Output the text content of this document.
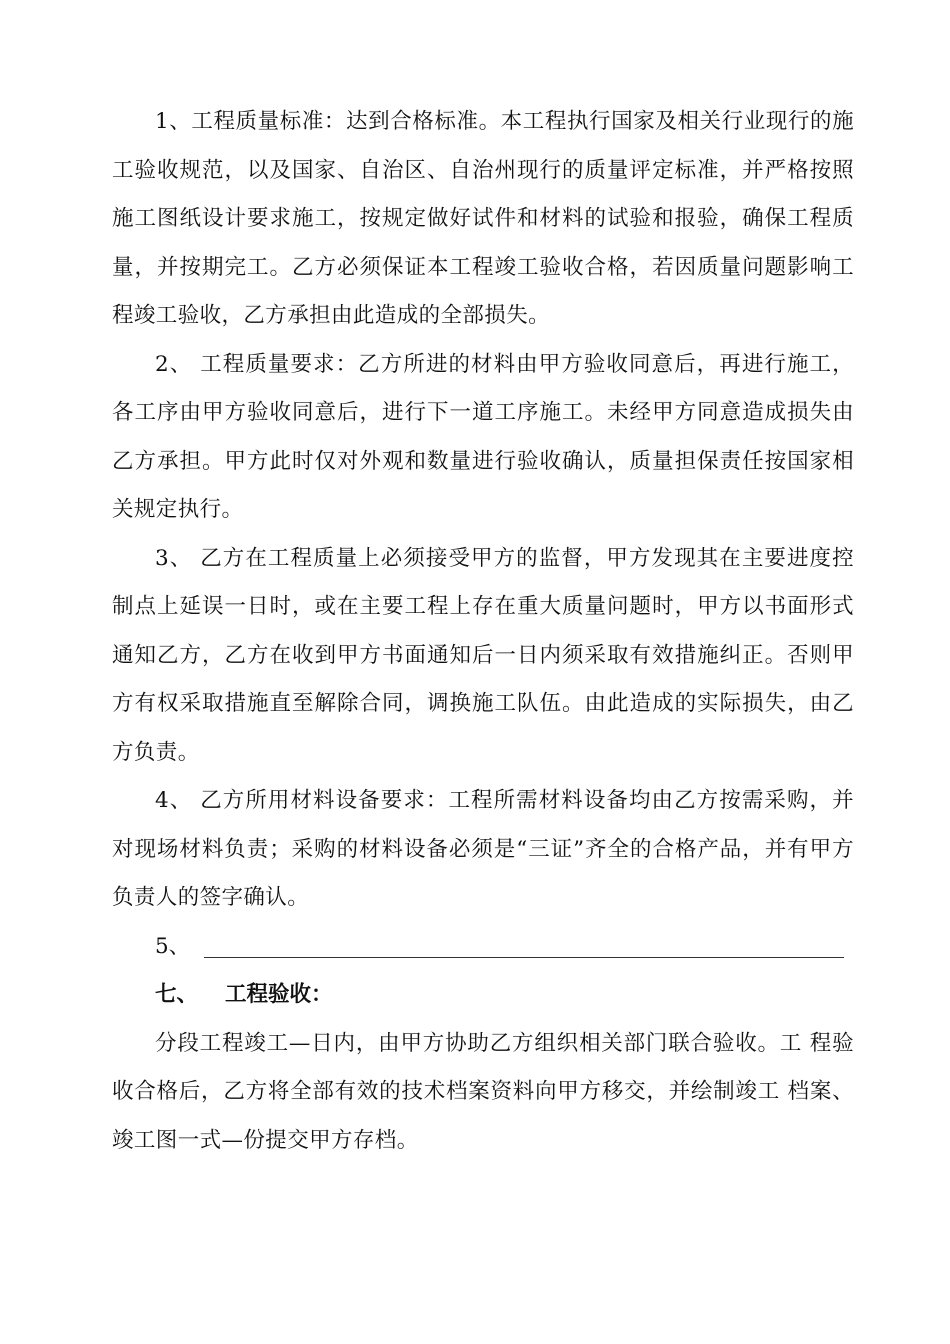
1、工程质量标准：达到合格标准。本工程执行国家及相关行业现行的施工验收规范，以及国家、自治区、自治州现行的质量评定标准，并严格按照施工图纸设计要求施工，按规定做好试件和材料的试验和报验，确保工程质量，并按期完工。乙方必须保证本工程竣工验收合格，若因质量问题影响工程竣工验收，乙方承担由此造成的全部损失。

2、 工程质量要求：乙方所进的材料由甲方验收同意后，再进行施工，各工序由甲方验收同意后，进行下一道工序施工。未经甲方同意造成损失由乙方承担。甲方此时仅对外观和数量进行验收确认，质量担保责任按国家相关规定执行。

3、 乙方在工程质量上必须接受甲方的监督，甲方发现其在主要进度控制点上延误一日时，或在主要工程上存在重大质量问题时，甲方以书面形式通知乙方，乙方在收到甲方书面通知后一日内须采取有效措施纠正。否则甲方有权采取措施直至解除合同，调换施工队伍。由此造成的实际损失，由乙方负责。

4、 乙方所用材料设备要求：工程所需材料设备均由乙方按需采购，并对现场材料负责；采购的材料设备必须是“三证”齐全的合格产品，并有甲方负责人的签字确认。

5、
七、 工程验收：

分段工程竣工—日内，由甲方协助乙方组织相关部门联合验收。工 程验收合格后，乙方将全部有效的技术档案资料向甲方移交，并绘制竣工 档案、竣工图一式—份提交甲方存档。
